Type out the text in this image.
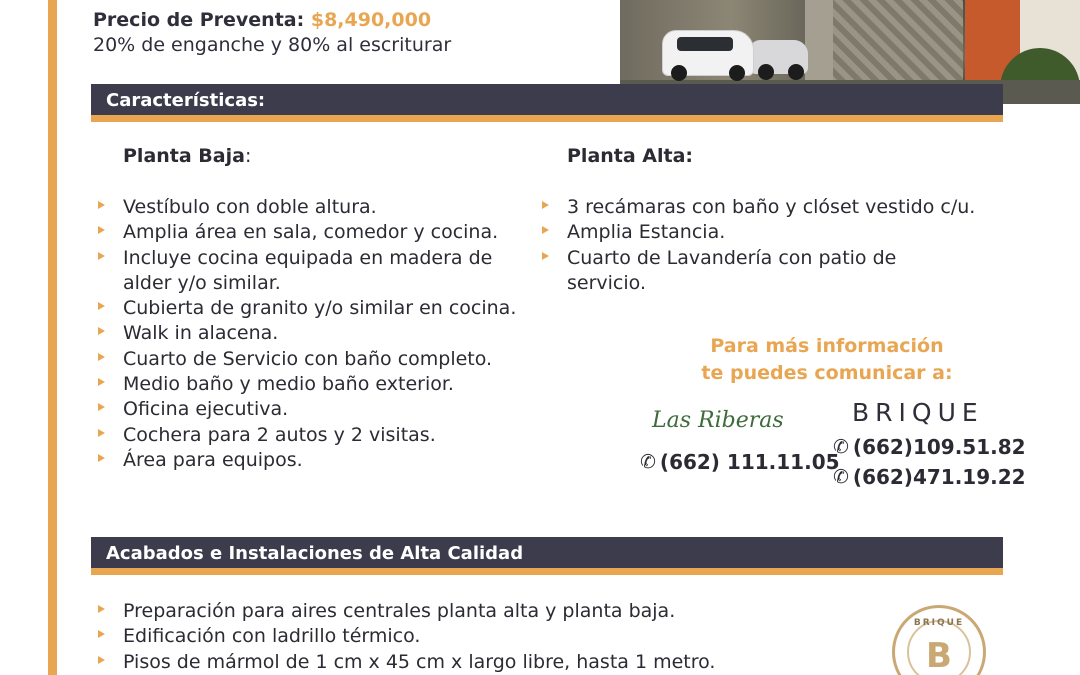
Precio de Preventa: $8,490,000
20% de enganche y 80% al escriturar
Características:
Planta Baja:	Planta Alta:
Vestíbulo con doble altura.
Amplia área en sala, comedor y cocina.
Incluye cocina equipada en madera de alder y/o similar.
Cubierta de granito y/o similar en cocina.
Walk in alacena.
Cuarto de Servicio con baño completo.
Medio baño y medio baño exterior.
Oficina ejecutiva.
Cochera para 2 autos y 2 visitas.
Área para equipos.
3 recámaras con baño y clóset vestido c/u.
Amplia Estancia.
Cuarto de Lavandería con patio de servicio.
Para más información
te puedes comunicar a:
Las Riberas	BRIQUE
✆ (662) 111.11.05
✆ (662)109.51.82
✆ (662)471.19.22
Acabados e Instalaciones de Alta Calidad
Preparación para aires centrales planta alta y planta baja.
Edificación con ladrillo térmico.
Pisos de mármol de 1 cm x 45 cm x largo libre, hasta 1 metro.
BRIQUE
B
